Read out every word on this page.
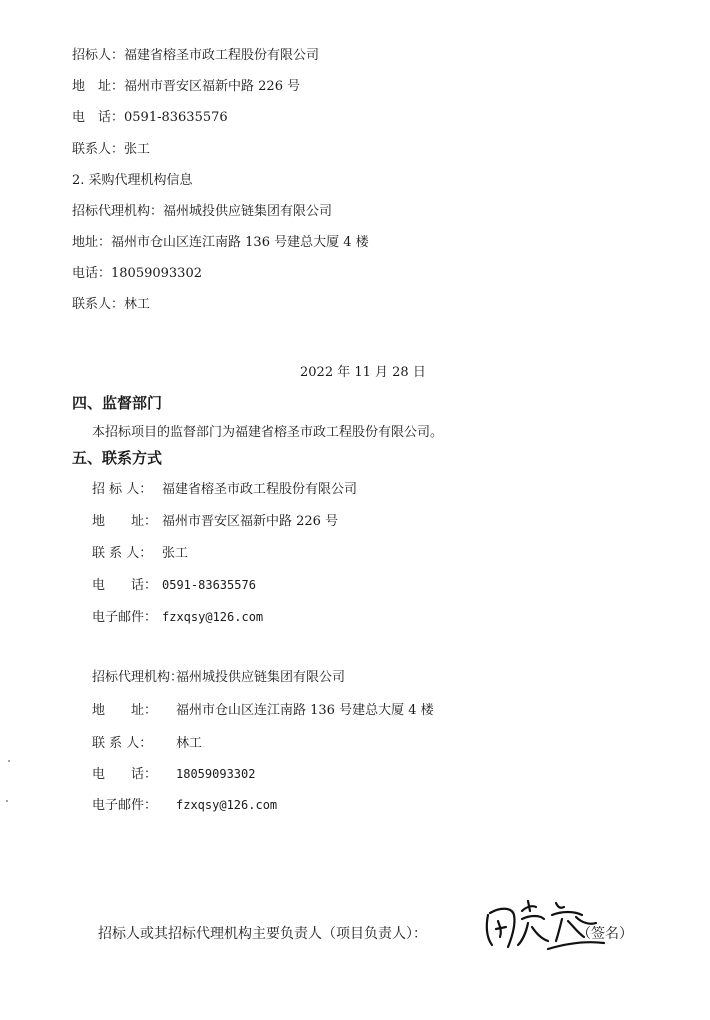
招标人：福建省榕圣市政工程股份有限公司
地　址：福州市晋安区福新中路 226 号
电　话：0591-83635576
联系人：张工
2. 采购代理机构信息
招标代理机构：福州城投供应链集团有限公司
地址：福州市仓山区连江南路 136 号建总大厦 4 楼
电话：18059093302
联系人：林工
2022 年 11 月 28 日
四、监督部门
本招标项目的监督部门为福建省榕圣市政工程股份有限公司。
五、联系方式
招 标 人： 福建省榕圣市政工程股份有限公司
地　　址： 福州市晋安区福新中路 226 号
联 系 人： 张工
电　　话： 0591-83635576
电子邮件： fzxqsy@126.com
招标代理机构：福州城投供应链集团有限公司
地　　址： 福州市仓山区连江南路 136 号建总大厦 4 楼
联 系 人： 林工
电　　话： 18059093302
电子邮件： fzxqsy@126.com
招标人或其招标代理机构主要负责人（项目负责人）：	（签名）
